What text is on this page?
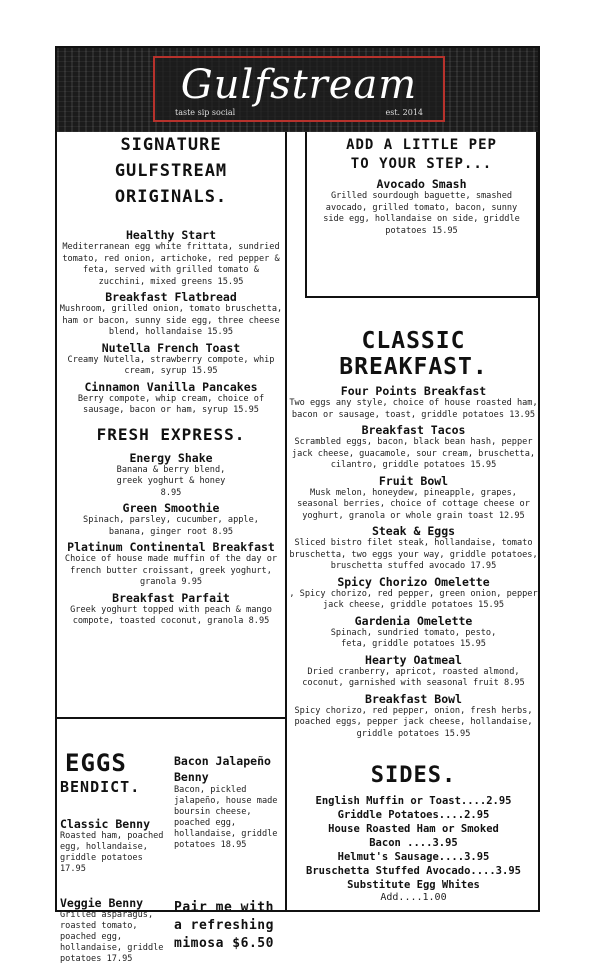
Gulfstream
taste sip social	est. 2014
SIGNATURE
GULFSTREAM
ORIGINALS.
Healthy Start
Mediterranean egg white frittata, sundried tomato, red onion, artichoke, red pepper & feta, served with grilled tomato & zucchini, mixed greens 15.95
Breakfast Flatbread
Mushroom, grilled onion, tomato bruschetta, ham or bacon, sunny side egg, three cheese blend, hollandaise 15.95
Nutella French Toast
Creamy Nutella, strawberry compote, whip cream, syrup 15.95
Cinnamon Vanilla Pancakes
Berry compote, whip cream, choice of sausage, bacon or ham, syrup 15.95
FRESH EXPRESS.
Energy Shake
Banana & berry blend, greek yoghurt & honey 8.95
Green Smoothie
Spinach, parsley, cucumber, apple, banana, ginger root 8.95
Platinum Continental Breakfast
Choice of house made muffin of the day or french butter croissant, greek yoghurt, granola 9.95
Breakfast Parfait
Greek yoghurt topped with peach & mango compote, toasted coconut, granola 8.95
EGGS
BENDICT.
Classic Benny
Roasted ham, poached egg, hollandaise, griddle potatoes 17.95
Veggie Benny
Grilled asparagus, roasted tomato, poached egg, hollandaise, griddle potatoes 17.95
Bacon Jalapeño Benny
Bacon, pickled jalapeño, house made boursin cheese, poached egg, hollandaise, griddle potatoes 18.95
Pair me with a refreshing mimosa $6.50
ADD A LITTLE PEP
TO YOUR STEP...
Avocado Smash
Grilled sourdough baguette, smashed avocado, grilled tomato, bacon, sunny side egg, hollandaise on side, griddle potatoes 15.95
CLASSIC
BREAKFAST.
Four Points Breakfast
Two eggs any style, choice of house roasted ham, bacon or sausage, toast, griddle potatoes 13.95
Breakfast Tacos
Scrambled eggs, bacon, black bean hash, pepper jack cheese, guacamole, sour cream, bruschetta, cilantro, griddle potatoes 15.95
Fruit Bowl
Musk melon, honeydew, pineapple, grapes, seasonal berries, choice of cottage cheese or yoghurt, granola or whole grain toast 12.95
Steak & Eggs
Sliced bistro filet steak, hollandaise, tomato bruschetta, two eggs your way, griddle potatoes, bruschetta stuffed avocado 17.95
Spicy Chorizo Omelette
, Spicy chorizo, red pepper, green onion, pepper jack cheese, griddle potatoes 15.95
Gardenia Omelette
Spinach, sundried tomato, pesto, feta, griddle potatoes 15.95
Hearty Oatmeal
Dried cranberry, apricot, roasted almond, coconut, garnished with seasonal fruit 8.95
Breakfast Bowl
Spicy chorizo, red pepper, onion, fresh herbs, poached eggs, pepper jack cheese, hollandaise, griddle potatoes 15.95
SIDES.
English Muffin or Toast....2.95
Griddle Potatoes....2.95
House Roasted Ham or Smoked
Bacon ....3.95
Helmut's Sausage....3.95
Bruschetta Stuffed Avocado....3.95
Substitute Egg Whites
Add....1.00
